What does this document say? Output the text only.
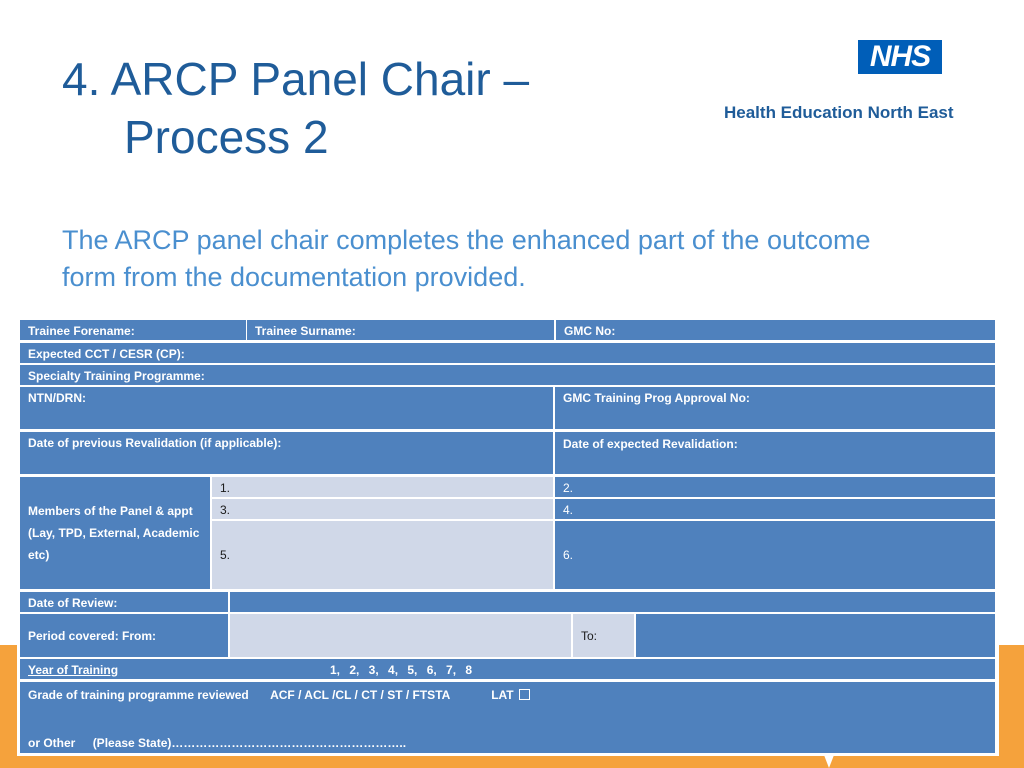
4. ARCP Panel Chair –
Process 2
NHS
Health Education North East
The ARCP panel chair completes the enhanced part of the outcome form from the documentation provided.
Trainee Forename:	Trainee Surname:	GMC No:
Expected CCT / CESR (CP):
Specialty Training Programme:
NTN/DRN:	GMC Training Prog Approval No:
Date of previous Revalidation (if applicable):	Date of expected Revalidation:
Members of the Panel & appt (Lay, TPD, External, Academic etc)
1.	2.
3.	4.
5.	6.
Date of Review:
Period covered: From:	To:
Year of Training	1, 2, 3, 4, 5, 6, 7, 8
Grade of training programme reviewed ACF / ACL /CL / CT / ST / FTSTA	LAT
or Other (Please State)…………………………………………………..
